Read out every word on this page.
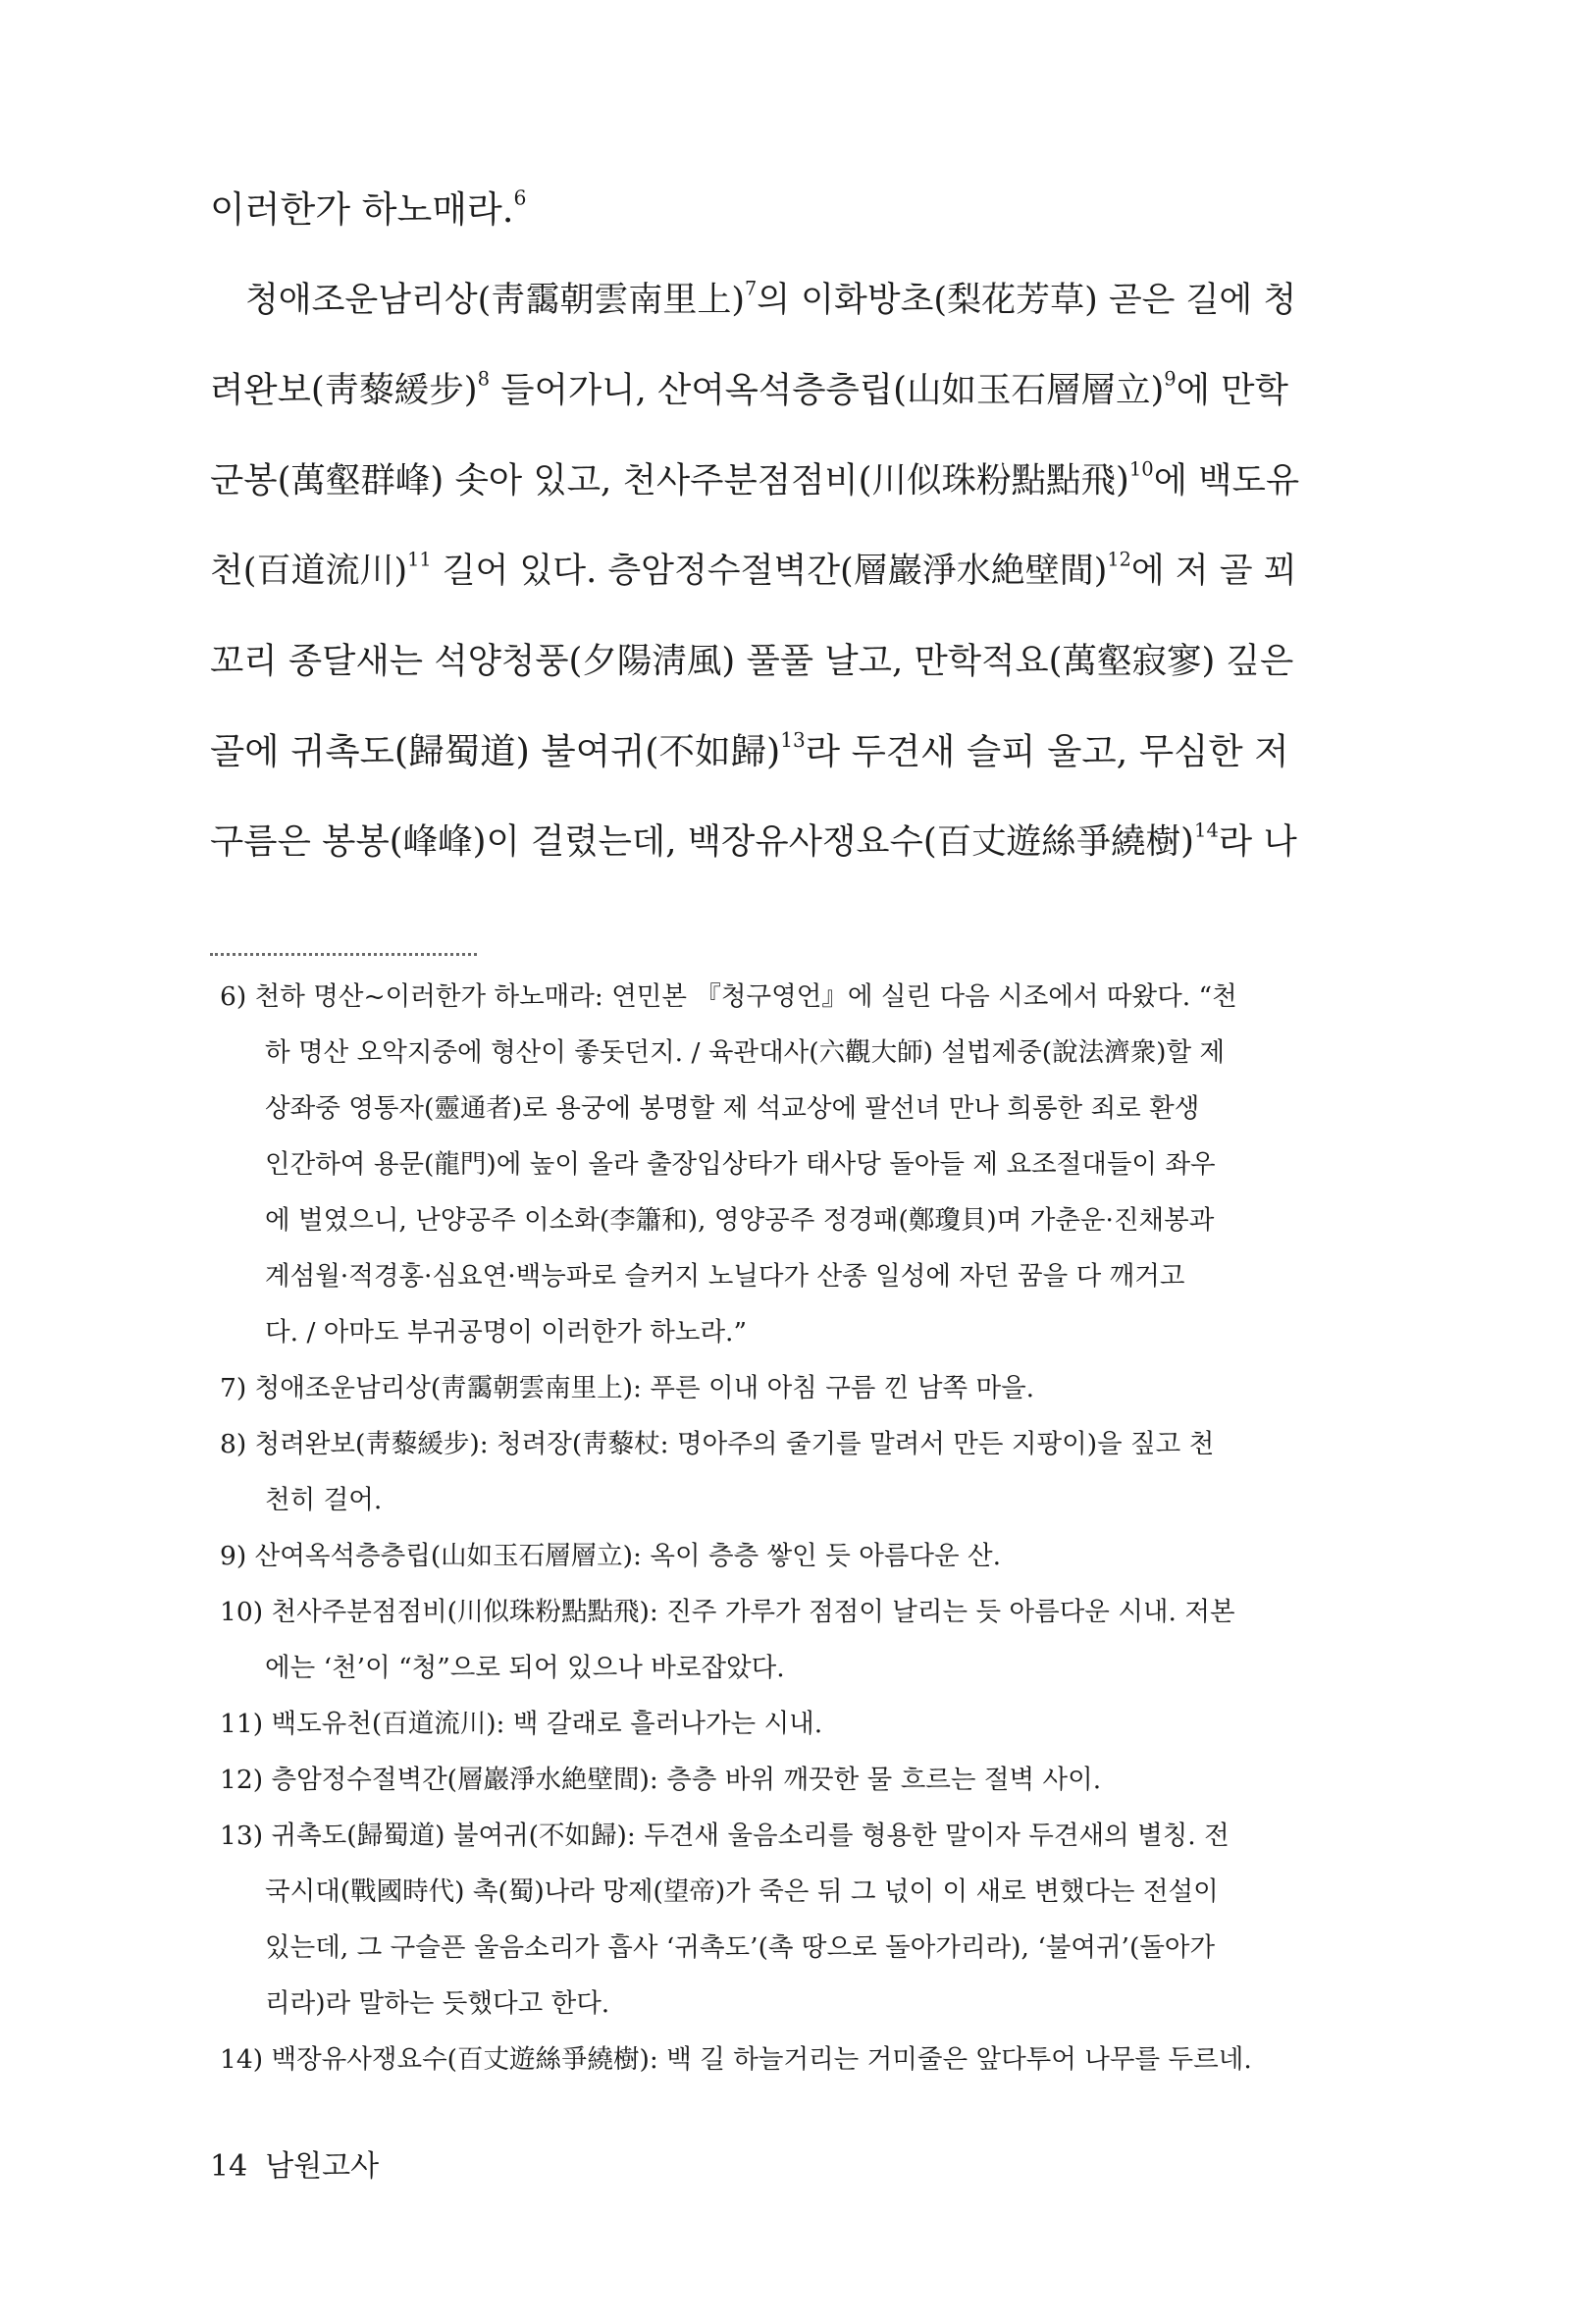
이러한가 하노매라.$^6$
청애조운남리상(靑靄朝雲南里上)$^7$의 이화방초(梨花芳草) 곧은 길에 청
려완보(靑藜緩步)$^8$ 들어가니, 산여옥석층층립(山如玉石層層立)$^9$에 만학
군봉(萬壑群峰) 솟아 있고, 천사주분점점비(川似珠粉點點飛)$^{10}$에 백도유
천(百道流川)$^{11}$ 길어 있다. 층암정수절벽간(層巖淨水絶壁間)$^{12}$에 저 골 꾀
꼬리 종달새는 석양청풍(夕陽淸風) 풀풀 날고, 만학적요(萬壑寂寥) 깊은
골에 귀촉도(歸蜀道) 불여귀(不如歸)$^{13}$라 두견새 슬피 울고, 무심한 저
구름은 봉봉(峰峰)이 걸렸는데, 백장유사쟁요수(百丈遊絲爭繞樹)$^{14}$라 나
6) 천하 명산~이러한가 하노매라: 연민본 『청구영언』에 실린 다음 시조에서 따왔다. “천
하 명산 오악지중에 형산이 좋돗던지. / 육관대사(六觀大師) 설법제중(說法濟衆)할 제
상좌중 영통자(靈通者)로 용궁에 봉명할 제 석교상에 팔선녀 만나 희롱한 죄로 환생
인간하여 용문(龍門)에 높이 올라 출장입상타가 태사당 돌아들 제 요조절대들이 좌우
에 벌였으니, 난양공주 이소화(李簫和), 영양공주 정경패(鄭瓊貝)며 가춘운·진채봉과
계섬월·적경홍·심요연·백능파로 슬커지 노닐다가 산종 일성에 자던 꿈을 다 깨거고
다. / 아마도 부귀공명이 이러한가 하노라.”
7) 청애조운남리상(靑靄朝雲南里上): 푸른 이내 아침 구름 낀 남쪽 마을.
8) 청려완보(靑藜緩步): 청려장(靑藜杖: 명아주의 줄기를 말려서 만든 지팡이)을 짚고 천
천히 걸어.
9) 산여옥석층층립(山如玉石層層立): 옥이 층층 쌓인 듯 아름다운 산.
10) 천사주분점점비(川似珠粉點點飛): 진주 가루가 점점이 날리는 듯 아름다운 시내. 저본
에는 ‘천’이 “청”으로 되어 있으나 바로잡았다.
11) 백도유천(百道流川): 백 갈래로 흘러나가는 시내.
12) 층암정수절벽간(層巖淨水絶壁間): 층층 바위 깨끗한 물 흐르는 절벽 사이.
13) 귀촉도(歸蜀道) 불여귀(不如歸): 두견새 울음소리를 형용한 말이자 두견새의 별칭. 전
국시대(戰國時代) 촉(蜀)나라 망제(望帝)가 죽은 뒤 그 넋이 이 새로 변했다는 전설이
있는데, 그 구슬픈 울음소리가 흡사 ‘귀촉도’(촉 땅으로 돌아가리라), ‘불여귀’(돌아가
리라)라 말하는 듯했다고 한다.
14) 백장유사쟁요수(百丈遊絲爭繞樹): 백 길 하늘거리는 거미줄은 앞다투어 나무를 두르네.
14 남원고사
